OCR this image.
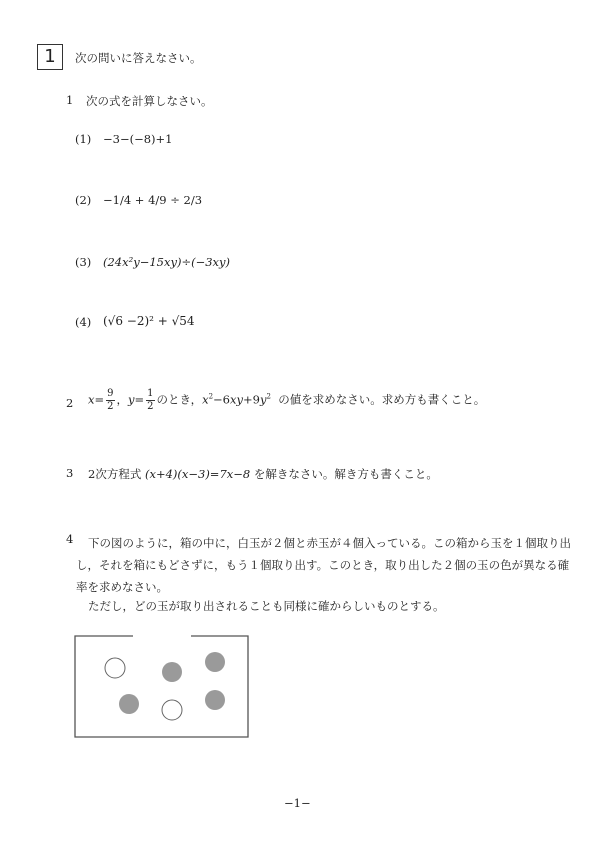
1	次の問いに答えなさい。
1 次の式を計算しなさい。
(1) −3−(−8)+1
(2) −1/4 + 4/9 ÷ 2/3
(3) (24x²y−15xy)÷(−3xy)
(4) (√6 −2)² + √54
2 $x= \frac{9}{2}$ ，$y= \frac{1}{2}$ のとき，$x^2-6xy+9y^2$ の値を求めなさい。求め方も書くこと。
3 2次方程式 (x+4)(x−3)=7x−8 を解きなさい。解き方も書くこと。
4	下の図のように，箱の中に，白玉が２個と赤玉が４個入っている。この箱から玉を１個取り出し，それを箱にもどさずに，もう１個取り出す。このとき，取り出した２個の玉の色が異なる確率を求めなさい。
ただし，どの玉が取り出されることも同様に確からしいものとする。
−1−
